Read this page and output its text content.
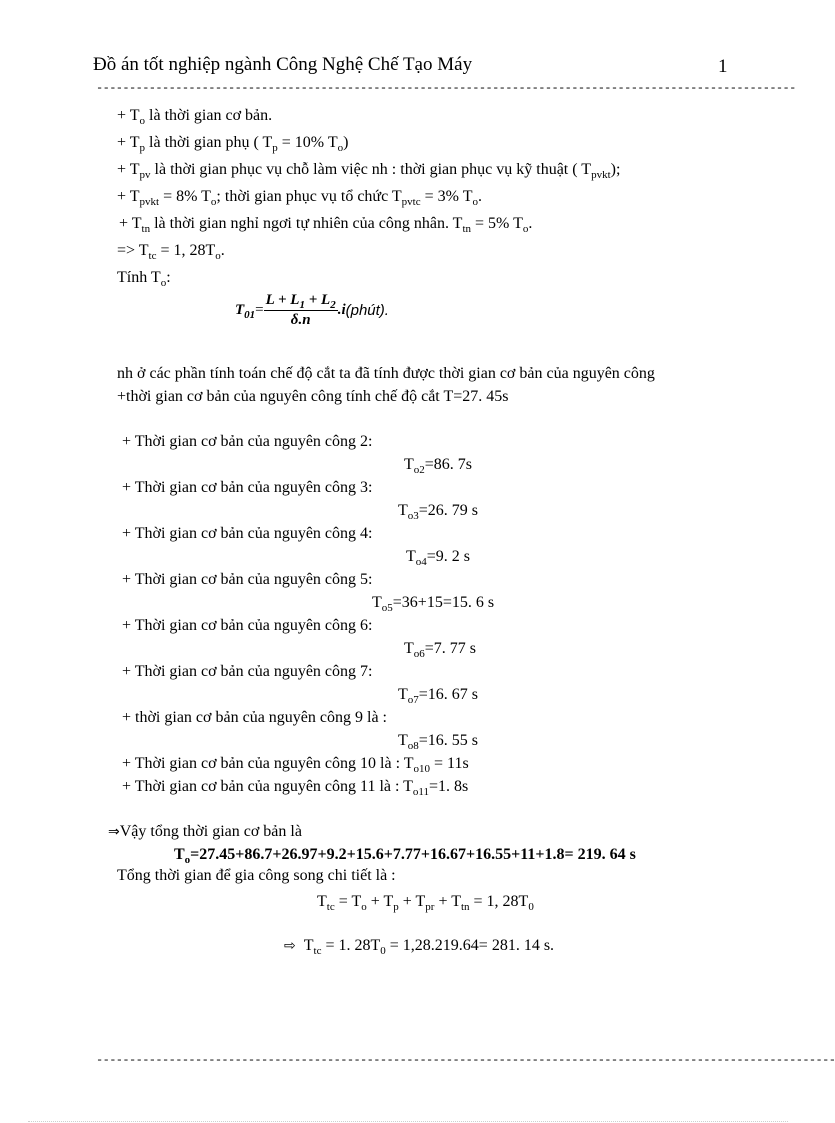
Đồ án tốt nghiệp ngành Công Nghệ Chế Tạo Máy	1
----------------------------------------------------------------------------------------------------------
+ $T_o$ là thời gian cơ bản.
+ $T_p$ là thời gian phụ ( $T_p = 10\%$ $T_o$)
+ $T_{pv}$ là thời gian phục vụ chỗ làm việc nh : thời gian phục vụ kỹ thuật ( $T_{pvkt}$);
+ $T_{pvkt} = 8\%$ $T_o$; thời gian phục vụ tổ chức $T_{pvtc} = 3\%$ $T_o$.
+ $T_{tn}$ là thời gian nghỉ ngơi tự nhiên của công nhân. $T_{tn} = 5\%$ $T_o$.
=> $T_{tc} = 1$, $28T_o$.
Tính $T_o$:
$T_{01} = \frac{L + L_1 + L_2}{\delta.n} .i$ (phút).
nh ở các phần tính toán chế độ cắt ta đã tính được thời gian cơ bản của nguyên công
+thời gian cơ bản của nguyên công tính chế độ cắt T=27. 45s
+ Thời gian cơ bản của nguyên công 2:
$T_{o2}=86$. 7s
+ Thời gian cơ bản của nguyên công 3:
$T_{o3}=26$. 79 s
+ Thời gian cơ bản của nguyên công 4:
$T_{o4}=9$. 2 s
+ Thời gian cơ bản của nguyên công 5:
$T_{o5}=36+15=15$. 6 s
+ Thời gian cơ bản của nguyên công 6:
$T_{o6}=7$. 77 s
+ Thời gian cơ bản của nguyên công 7:
$T_{o7}=16$. 67 s
+ thời gian cơ bản của nguyên công 9 là :
$T_{o8}=16$. 55 s
+ Thời gian cơ bản của nguyên công 10 là : $T_{o10} = 11s$
+ Thời gian cơ bản của nguyên công 11 là : $T_{o11}=1$. 8s
⇒Vậy tổng thời gian cơ bản là
$T_o=27.45+86.7+26.97+9.2+15.6+7.77+16.67+16.55+11+1.8= 219$. 64 s
Tổng thời gian để gia công song chi tiết là :
$T_{tc} = T_o + T_p + T_{pr} + T_{tn} = 1$, $28T_0$
⇨ $T_{tc} = 1$. $28T_0 = 1,28.219.64= 281$. 14 s.
----------------------------------------------------------------------------------------------------------------
